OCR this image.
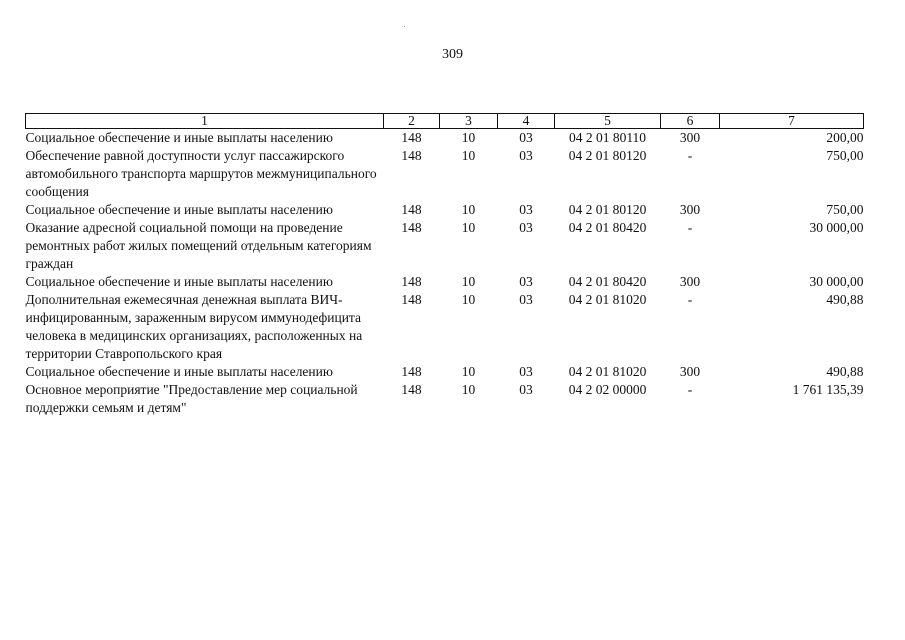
309
1	2	3	4	5	6	7
Социальное обеспечение и иные выплаты населению	148	10	03	04 2 01 80110	300	200,00
Обеспечение равной доступности услуг пассажирского автомобильного транспорта маршрутов межмуниципального сообщения	148	10	03	04 2 01 80120	-	750,00
Социальное обеспечение и иные выплаты населению	148	10	03	04 2 01 80120	300	750,00
Оказание адресной социальной помощи на проведение ремонтных работ жилых помещений отдельным категориям граждан	148	10	03	04 2 01 80420	-	30 000,00
Социальное обеспечение и иные выплаты населению	148	10	03	04 2 01 80420	300	30 000,00
Дополнительная ежемесячная денежная выплата ВИЧ-инфицированным, зараженным вирусом иммунодефицита человека в медицинских организациях, расположенных на территории Ставропольского края	148	10	03	04 2 01 81020	-	490,88
Социальное обеспечение и иные выплаты населению	148	10	03	04 2 01 81020	300	490,88
Основное мероприятие "Предоставление мер социальной поддержки семьям и детям"	148	10	03	04 2 02 00000	-	1 761 135,39
